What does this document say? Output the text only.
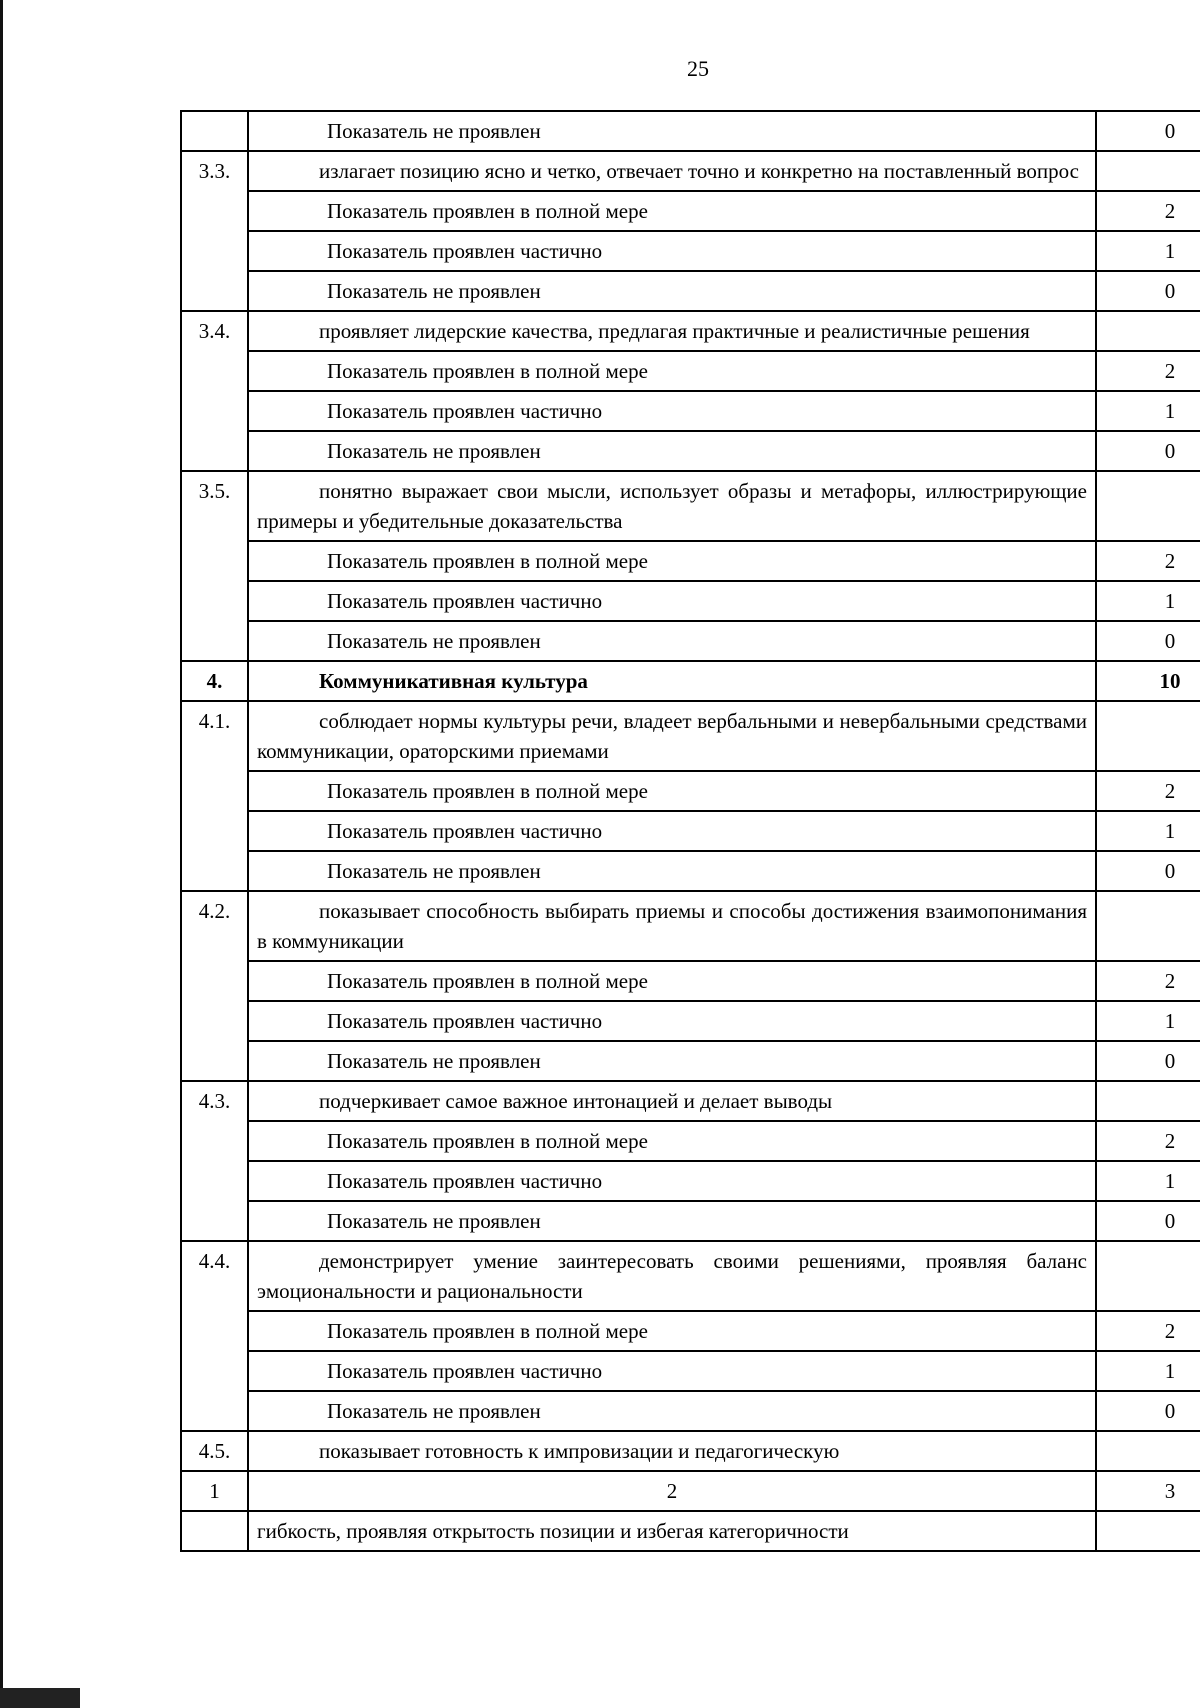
25
	Показатель не проявлен	0
3.3.	излагает позицию ясно и четко, отвечает точно и конкретно на поставленный вопрос	
	Показатель проявлен в полной мере	2
	Показатель проявлен частично	1
	Показатель не проявлен	0
3.4.	проявляет лидерские качества, предлагая практичные и реалистичные решения	
	Показатель проявлен в полной мере	2
	Показатель проявлен частично	1
	Показатель не проявлен	0
3.5.	понятно выражает свои мысли, использует образы и метафоры, иллюстрирующие примеры и убедительные доказательства	
	Показатель проявлен в полной мере	2
	Показатель проявлен частично	1
	Показатель не проявлен	0
4.	Коммуникативная культура	10
4.1.	соблюдает нормы культуры речи, владеет вербальными и невербальными средствами коммуникации, ораторскими приемами	
	Показатель проявлен в полной мере	2
	Показатель проявлен частично	1
	Показатель не проявлен	0
4.2.	показывает способность выбирать приемы и способы достижения взаимопонимания в коммуникации	
	Показатель проявлен в полной мере	2
	Показатель проявлен частично	1
	Показатель не проявлен	0
4.3.	подчеркивает самое важное интонацией и делает выводы	
	Показатель проявлен в полной мере	2
	Показатель проявлен частично	1
	Показатель не проявлен	0
4.4.	демонстрирует умение заинтересовать своими решениями, проявляя баланс эмоциональности и рациональности	
	Показатель проявлен в полной мере	2
	Показатель проявлен частично	1
	Показатель не проявлен	0
4.5.	показывает готовность к импровизации и педагогическую	
1	2	3
	гибкость, проявляя открытость позиции и избегая категоричности	
